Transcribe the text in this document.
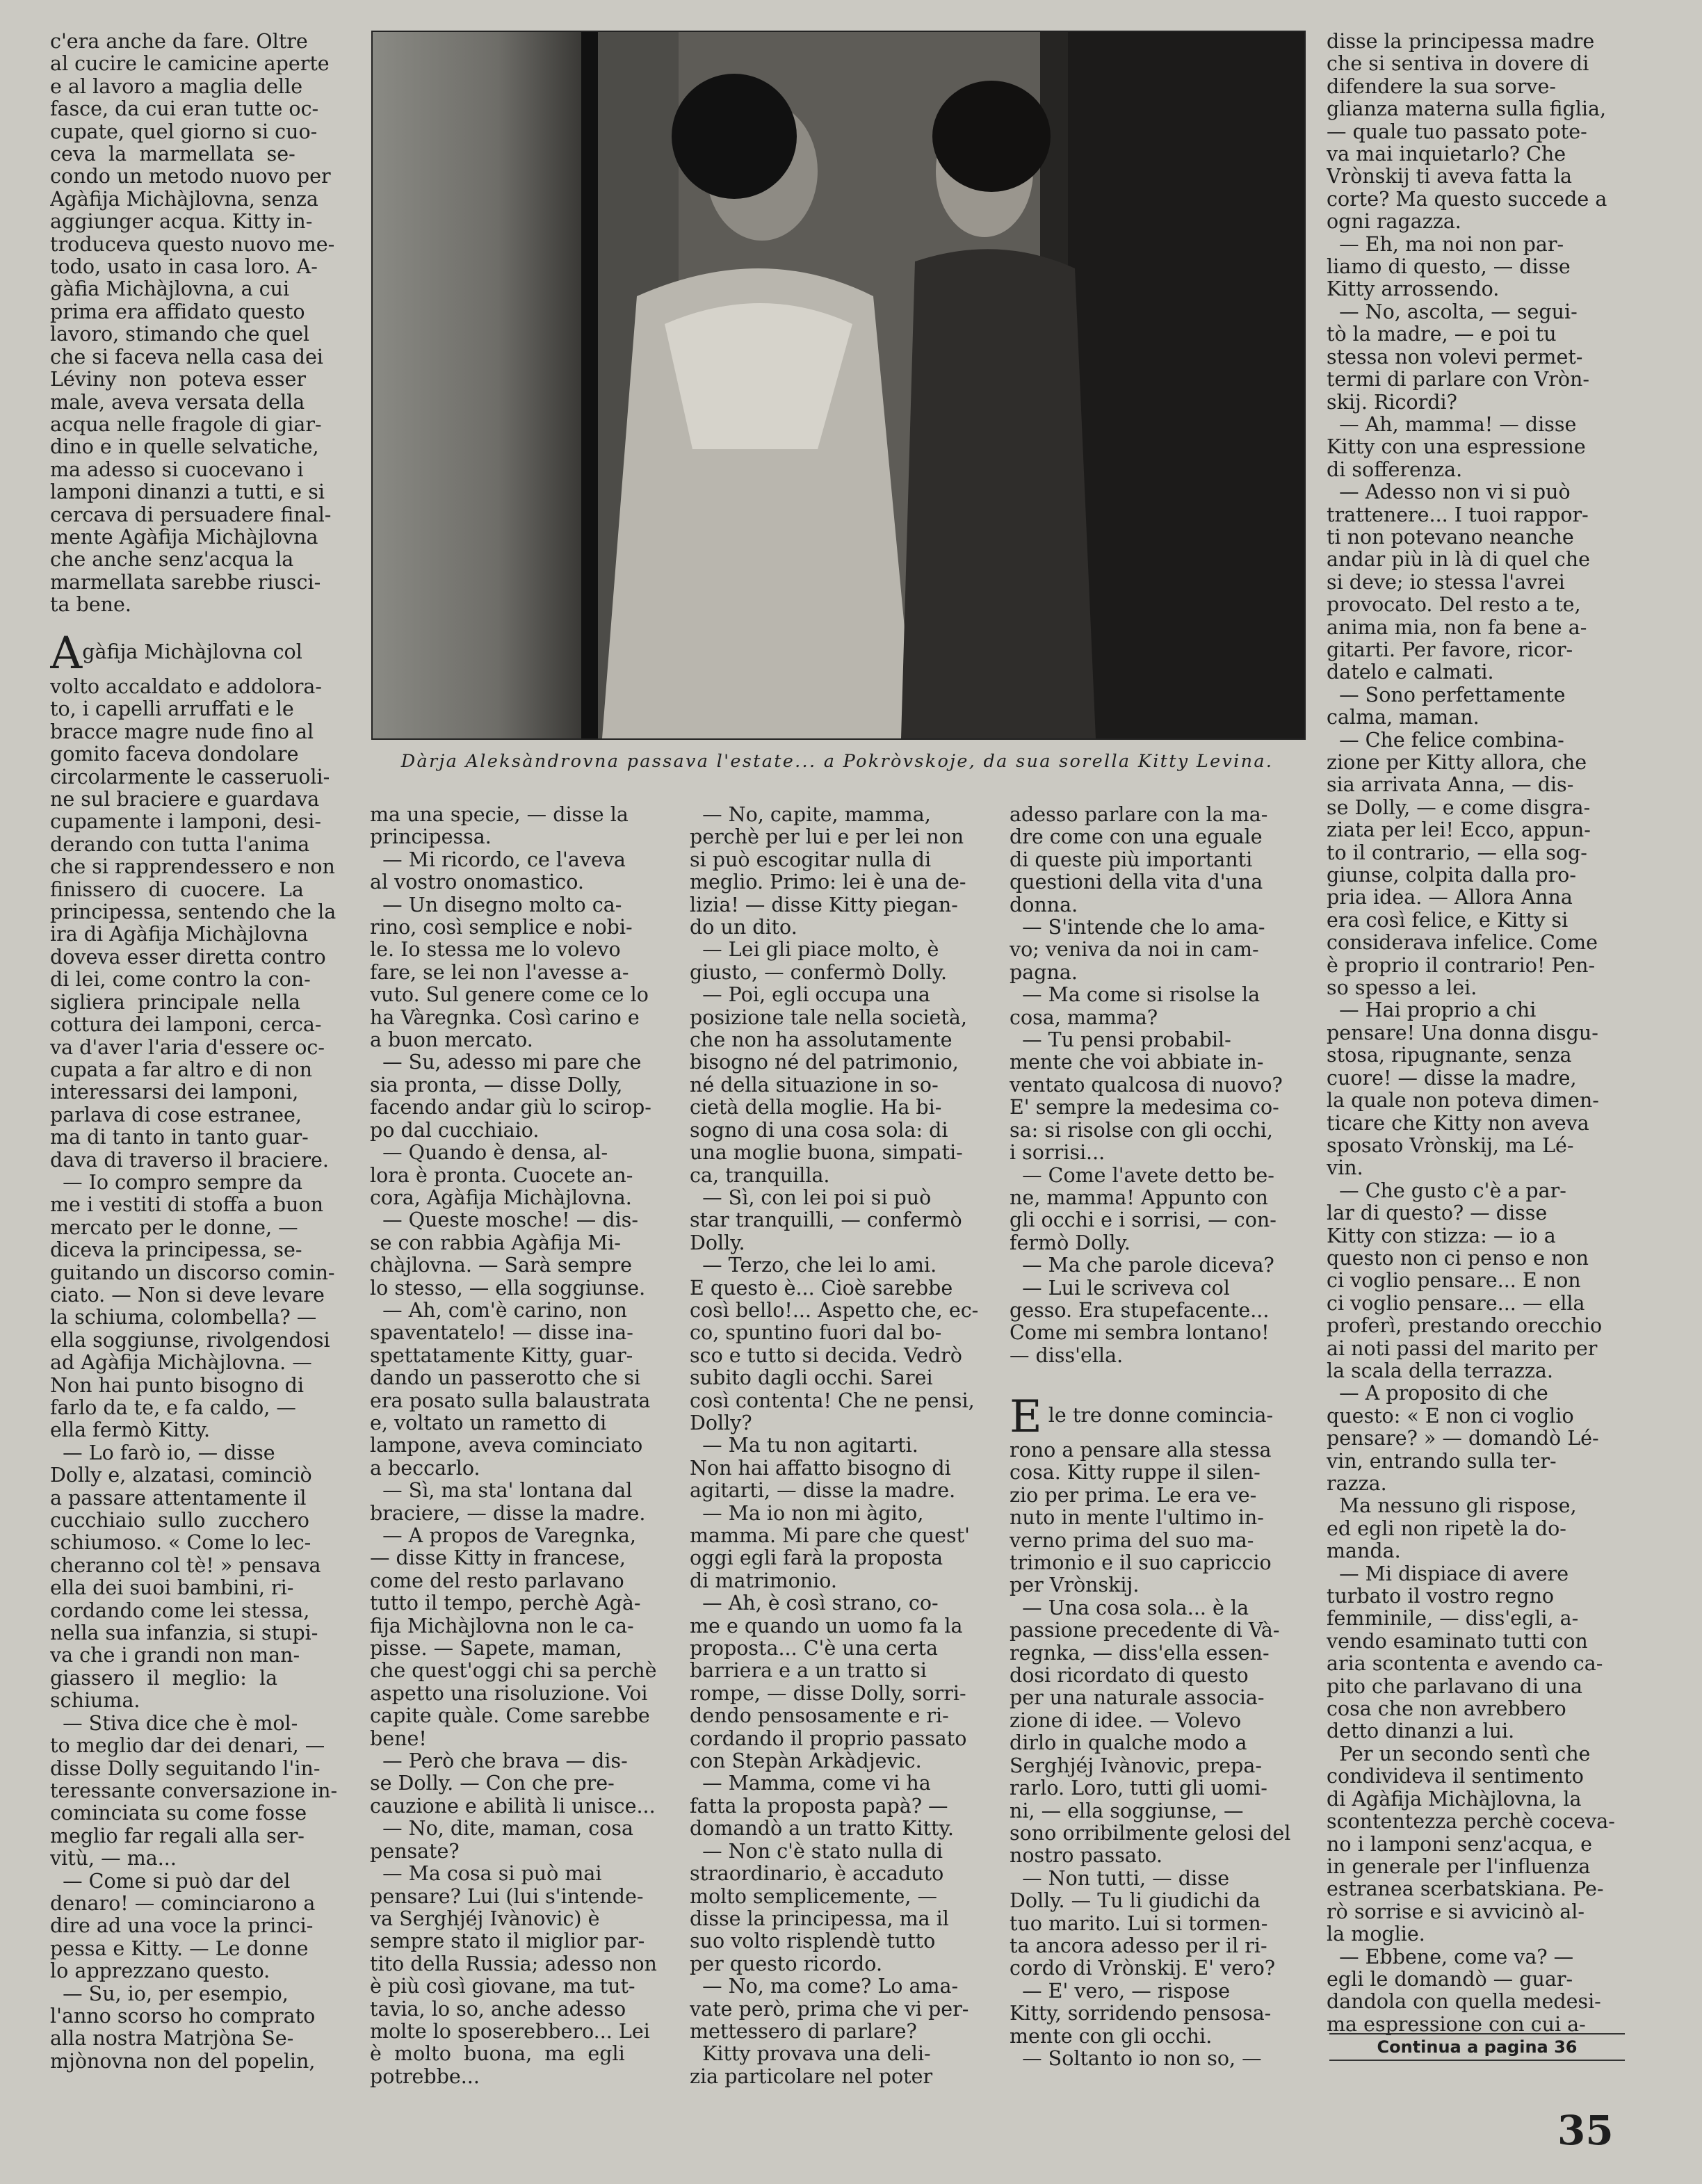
c'era anche da fare. Oltre
al cucire le camicine aperte
e al lavoro a maglia delle
fasce, da cui eran tutte oc-
cupate, quel giorno si cuo-
ceva  la  marmellata  se-
condo un metodo nuovo per
Agàfija Michàjlovna, senza
aggiunger acqua. Kitty in-
troduceva questo nuovo me-
todo, usato in casa loro. A-
gàfia Michàjlovna, a cui
prima era affidato questo
lavoro, stimando che quel
che si faceva nella casa dei
Léviny  non  poteva esser
male, aveva versata della
acqua nelle fragole di giar-
dino e in quelle selvatiche,
ma adesso si cuocevano i
lamponi dinanzi a tutti, e si
cercava di persuadere final-
mente Agàfija Michàjlovna
che anche senz'acqua la
marmellata sarebbe riusci-
ta bene.

Agàfija Michàjlovna col
volto accaldato e addolora-
to, i capelli arruffati e le
bracce magre nude fino al
gomito faceva dondolare
circolarmente le casseruoli-
ne sul braciere e guardava
cupamente i lamponi, desi-
derando con tutta l'anima
che si rapprendessero e non
finissero  di  cuocere.  La
principessa, sentendo che la
ira di Agàfija Michàjlovna
doveva esser diretta contro
di lei, come contro la con-
sigliera  principale  nella
cottura dei lamponi, cerca-
va d'aver l'aria d'essere oc-
cupata a far altro e di non
interessarsi dei lamponi,
parlava di cose estranee,
ma di tanto in tanto guar-
dava di traverso il braciere.
— Io compro sempre da
me i vestiti di stoffa a buon
mercato per le donne, —
diceva la principessa, se-
guitando un discorso comin-
ciato. — Non si deve levare
la schiuma, colombella? —
ella soggiunse, rivolgendosi
ad Agàfija Michàjlovna. —
Non hai punto bisogno di
farlo da te, e fa caldo, —
ella fermò Kitty.
— Lo farò io, — disse
Dolly e, alzatasi, cominciò
a passare attentamente il
cucchiaio  sullo  zucchero
schiumoso. « Come lo lec-
cheranno col tè! » pensava
ella dei suoi bambini, ri-
cordando come lei stessa,
nella sua infanzia, si stupi-
va che i grandi non man-
giassero  il  meglio:  la
schiuma.
— Stiva dice che è mol-
to meglio dar dei denari, —
disse Dolly seguitando l'in-
teressante conversazione in-
cominciata su come fosse
meglio far regali alla ser-
vitù, — ma...
— Come si può dar del
denaro! — cominciarono a
dire ad una voce la princi-
pessa e Kitty. — Le donne
lo apprezzano questo.
— Su, io, per esempio,
l'anno scorso ho comprato
alla nostra Matrjòna Se-
mjònovna non del popelin,

Dàrja Aleksàndrovna passava l'estate... a Pokròvskoje, da sua sorella Kitty Levina.

ma una specie, — disse la
principessa.
— Mi ricordo, ce l'aveva
al vostro onomastico.
— Un disegno molto ca-
rino, così semplice e nobi-
le. Io stessa me lo volevo
fare, se lei non l'avesse a-
vuto. Sul genere come ce lo
ha Vàregnka. Così carino e
a buon mercato.
— Su, adesso mi pare che
sia pronta, — disse Dolly,
facendo andar giù lo scirop-
po dal cucchiaio.
— Quando è densa, al-
lora è pronta. Cuocete an-
cora, Agàfija Michàjlovna.
— Queste mosche! — dis-
se con rabbia Agàfija Mi-
chàjlovna. — Sarà sempre
lo stesso, — ella soggiunse.
— Ah, com'è carino, non
spaventatelo! — disse ina-
spettatamente Kitty, guar-
dando un passerotto che si
era posato sulla balaustrata
e, voltato un rametto di
lampone, aveva cominciato
a beccarlo.
— Sì, ma sta' lontana dal
braciere, — disse la madre.
— A propos de Varegnka,
— disse Kitty in francese,
come del resto parlavano
tutto il tempo, perchè Agà-
fija Michàjlovna non le ca-
pisse. — Sapete, maman,
che quest'oggi chi sa perchè
aspetto una risoluzione. Voi
capite quàle. Come sarebbe
bene!
— Però che brava — dis-
se Dolly. — Con che pre-
cauzione e abilità li unisce...
— No, dite, maman, cosa
pensate?
— Ma cosa si può mai
pensare? Lui (lui s'intende-
va Serghjéj Ivànovic) è
sempre stato il miglior par-
tito della Russia; adesso non
è più così giovane, ma tut-
tavia, lo so, anche adesso
molte lo sposerebbero... Lei
è  molto  buona,  ma  egli
potrebbe...

— No, capite, mamma,
perchè per lui e per lei non
si può escogitar nulla di
meglio. Primo: lei è una de-
lizia! — disse Kitty piegan-
do un dito.
— Lei gli piace molto, è
giusto, — confermò Dolly.
— Poi, egli occupa una
posizione tale nella società,
che non ha assolutamente
bisogno né del patrimonio,
né della situazione in so-
cietà della moglie. Ha bi-
sogno di una cosa sola: di
una moglie buona, simpati-
ca, tranquilla.
— Sì, con lei poi si può
star tranquilli, — confermò
Dolly.
— Terzo, che lei lo ami.
E questo è... Cioè sarebbe
così bello!... Aspetto che, ec-
co, spuntino fuori dal bo-
sco e tutto si decida. Vedrò
subito dagli occhi. Sarei
così contenta! Che ne pensi,
Dolly?
— Ma tu non agitarti.
Non hai affatto bisogno di
agitarti, — disse la madre.
— Ma io non mi àgito,
mamma. Mi pare che quest'
oggi egli farà la proposta
di matrimonio.
— Ah, è così strano, co-
me e quando un uomo fa la
proposta... C'è una certa
barriera e a un tratto si
rompe, — disse Dolly, sorri-
dendo pensosamente e ri-
cordando il proprio passato
con Stepàn Arkàdjevic.
— Mamma, come vi ha
fatta la proposta papà? —
domandò a un tratto Kitty.
— Non c'è stato nulla di
straordinario, è accaduto
molto semplicemente, —
disse la principessa, ma il
suo volto risplendè tutto
per questo ricordo.
— No, ma come? Lo ama-
vate però, prima che vi per-
mettessero di parlare?
Kitty provava una deli-
zia particolare nel poter

adesso parlare con la ma-
dre come con una eguale
di queste più importanti
questioni della vita d'una
donna.
— S'intende che lo ama-
vo; veniva da noi in cam-
pagna.
— Ma come si risolse la
cosa, mamma?
— Tu pensi probabil-
mente che voi abbiate in-
ventato qualcosa di nuovo?
E' sempre la medesima co-
sa: si risolse con gli occhi,
i sorrisi...
— Come l'avete detto be-
ne, mamma! Appunto con
gli occhi e i sorrisi, — con-
fermò Dolly.
— Ma che parole diceva?
— Lui le scriveva col
gesso. Era stupefacente...
Come mi sembra lontano!
— diss'ella.

E le tre donne comincia-
rono a pensare alla stessa
cosa. Kitty ruppe il silen-
zio per prima. Le era ve-
nuto in mente l'ultimo in-
verno prima del suo ma-
trimonio e il suo capriccio
per Vrònskij.
— Una cosa sola... è la
passione precedente di Và-
regnka, — diss'ella essen-
dosi ricordato di questo
per una naturale associa-
zione di idee. — Volevo
dirlo in qualche modo a
Serghjéj Ivànovic, prepa-
rarlo. Loro, tutti gli uomi-
ni, — ella soggiunse, —
sono orribilmente gelosi del
nostro passato.
— Non tutti, — disse
Dolly. — Tu li giudichi da
tuo marito. Lui si tormen-
ta ancora adesso per il ri-
cordo di Vrònskij. E' vero?
— E' vero, — rispose
Kitty, sorridendo pensosa-
mente con gli occhi.
— Soltanto io non so, —

disse la principessa madre
che si sentiva in dovere di
difendere la sua sorve-
glianza materna sulla figlia,
— quale tuo passato pote-
va mai inquietarlo? Che
Vrònskij ti aveva fatta la
corte? Ma questo succede a
ogni ragazza.
— Eh, ma noi non par-
liamo di questo, — disse
Kitty arrossendo.
— No, ascolta, — segui-
tò la madre, — e poi tu
stessa non volevi permet-
termi di parlare con Vròn-
skij. Ricordi?
— Ah, mamma! — disse
Kitty con una espressione
di sofferenza.
— Adesso non vi si può
trattenere... I tuoi rappor-
ti non potevano neanche
andar più in là di quel che
si deve; io stessa l'avrei
provocato. Del resto a te,
anima mia, non fa bene a-
gitarti. Per favore, ricor-
datelo e calmati.
— Sono perfettamente
calma, maman.
— Che felice combina-
zione per Kitty allora, che
sia arrivata Anna, — dis-
se Dolly, — e come disgra-
ziata per lei! Ecco, appun-
to il contrario, — ella sog-
giunse, colpita dalla pro-
pria idea. — Allora Anna
era così felice, e Kitty si
considerava infelice. Come
è proprio il contrario! Pen-
so spesso a lei.
— Hai proprio a chi
pensare! Una donna disgu-
stosa, ripugnante, senza
cuore! — disse la madre,
la quale non poteva dimen-
ticare che Kitty non aveva
sposato Vrònskij, ma Lé-
vin.
— Che gusto c'è a par-
lar di questo? — disse
Kitty con stizza: — io a
questo non ci penso e non
ci voglio pensare... E non
ci voglio pensare... — ella
proferì, prestando orecchio
ai noti passi del marito per
la scala della terrazza.
— A proposito di che
questo: « E non ci voglio
pensare? » — domandò Lé-
vin, entrando sulla ter-
razza.
Ma nessuno gli rispose,
ed egli non ripetè la do-
manda.
— Mi dispiace di avere
turbato il vostro regno
femminile, — diss'egli, a-
vendo esaminato tutti con
aria scontenta e avendo ca-
pito che parlavano di una
cosa che non avrebbero
detto dinanzi a lui.
Per un secondo sentì che
condivideva il sentimento
di Agàfija Michàjlovna, la
scontentezza perchè coceva-
no i lamponi senz'acqua, e
in generale per l'influenza
estranea scerbatskiana. Pe-
rò sorrise e si avvicinò al-
la moglie.
— Ebbene, come va? —
egli le domandò — guar-
dandola con quella medesi-
ma espressione con cui a-

Continua a pagina 36

35
